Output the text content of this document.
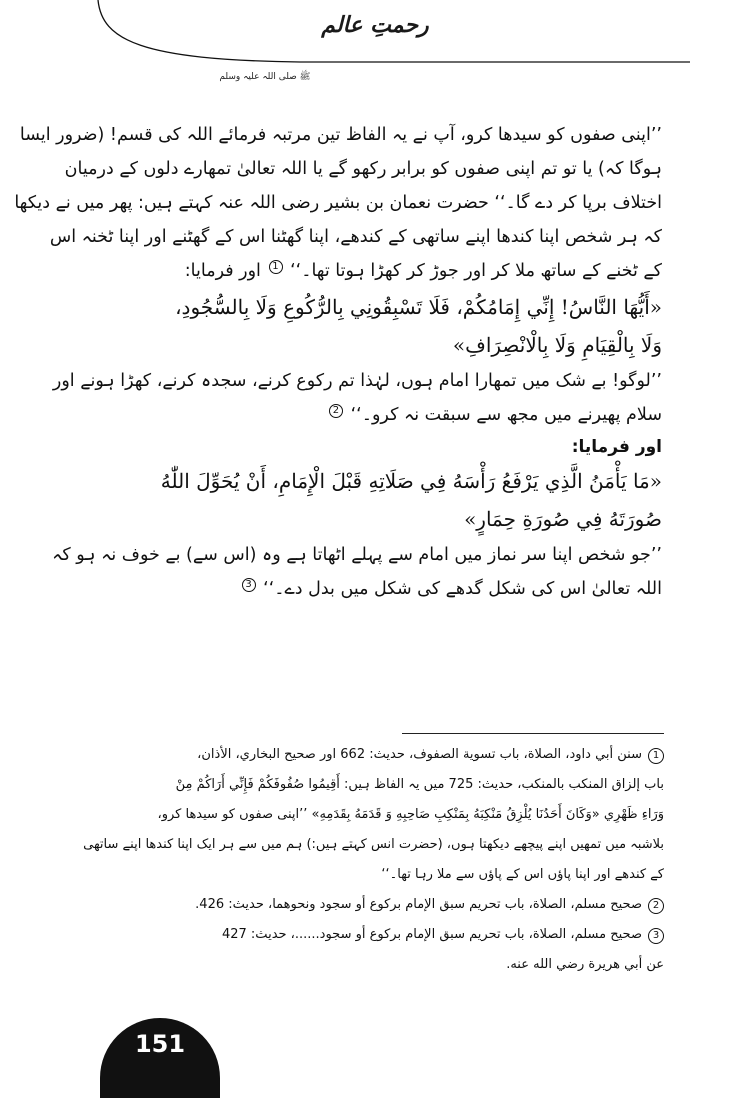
رحمتِ عالم
ﷺ صلی اللہ علیہ وسلم
’’اپنی صفوں کو سیدھا کرو، آپ نے یہ الفاظ تین مرتبہ فرمائے اللہ کی قسم! (ضرور ایسا
ہوگا کہ) یا تو تم اپنی صفوں کو برابر رکھو گے یا اللہ تعالیٰ تمھارے دلوں کے درمیان
اختلاف برپا کر دے گا۔‘‘ حضرت نعمان بن بشیر رضی اللہ عنہ کہتے ہیں: پھر میں نے دیکھا
کہ ہر شخص اپنا کندھا اپنے ساتھی کے کندھے، اپنا گھٹنا اس کے گھٹنے اور اپنا ٹخنہ اس
کے ٹخنے کے ساتھ ملا کر اور جوڑ کر کھڑا ہوتا تھا۔‘‘ 1 اور فرمایا:
«أَيُّهَا النَّاسُ! إِنِّي إِمَامُكُمْ، فَلَا تَسْبِقُونِي بِالرُّكُوعِ وَلَا بِالسُّجُودِ،
وَلَا بِالْقِيَامِ وَلَا بِالْانْصِرَافِ»
’’لوگو! بے شک میں تمھارا امام ہوں، لہٰذا تم رکوع کرنے، سجدہ کرنے، کھڑا ہونے اور
سلام پھیرنے میں مجھ سے سبقت نہ کرو۔‘‘ 2
اور فرمایا:
«مَا يَأْمَنُ الَّذِي يَرْفَعُ رَأْسَهُ فِي صَلَاتِهِ قَبْلَ الْإِمَامِ، أَنْ يُحَوِّلَ اللّٰهُ
صُورَتَهُ فِي صُورَةِ حِمَارٍ»
’’جو شخص اپنا سر نماز میں امام سے پہلے اٹھاتا ہے وہ (اس سے) بے خوف نہ ہو کہ
اللہ تعالیٰ اس کی شکل گدھے کی شکل میں بدل دے۔‘‘ 3
1سنن أبي داود، الصلاة، باب تسوية الصفوف، حديث: 662 اور صحيح البخاري، الأذان،
باب إلزاق المنكب بالمنكب، حديث: 725 میں یہ الفاظ ہیں: أَقِيمُوا صُفُوفَكُمْ فَإِنِّي أَرَاكُمْ مِنْ
وَرَاءِ ظَهْرِي «وَكَانَ أَحَدُنَا يُلْزِقُ مَنْكِبَهُ بِمَنْكِبِ صَاحِبِهِ وَ قَدَمَهُ بِقَدَمِهِ» ’’اپنی صفوں کو سیدھا کرو،
بلاشبہ میں تمھیں اپنے پیچھے دیکھتا ہوں، (حضرت انس کہتے ہیں:) ہم میں سے ہر ایک اپنا کندھا اپنے ساتھی
کے کندھے اور اپنا پاؤں اس کے پاؤں سے ملا رہا تھا۔‘‘
2صحيح مسلم، الصلاة، باب تحريم سبق الإمام بركوع أو سجود ونحوهما، حديث: 426.
3صحيح مسلم، الصلاة، باب تحريم سبق الإمام بركوع أو سجود......، حديث: 427
عن أبي هريرة رضي الله عنه.
151
